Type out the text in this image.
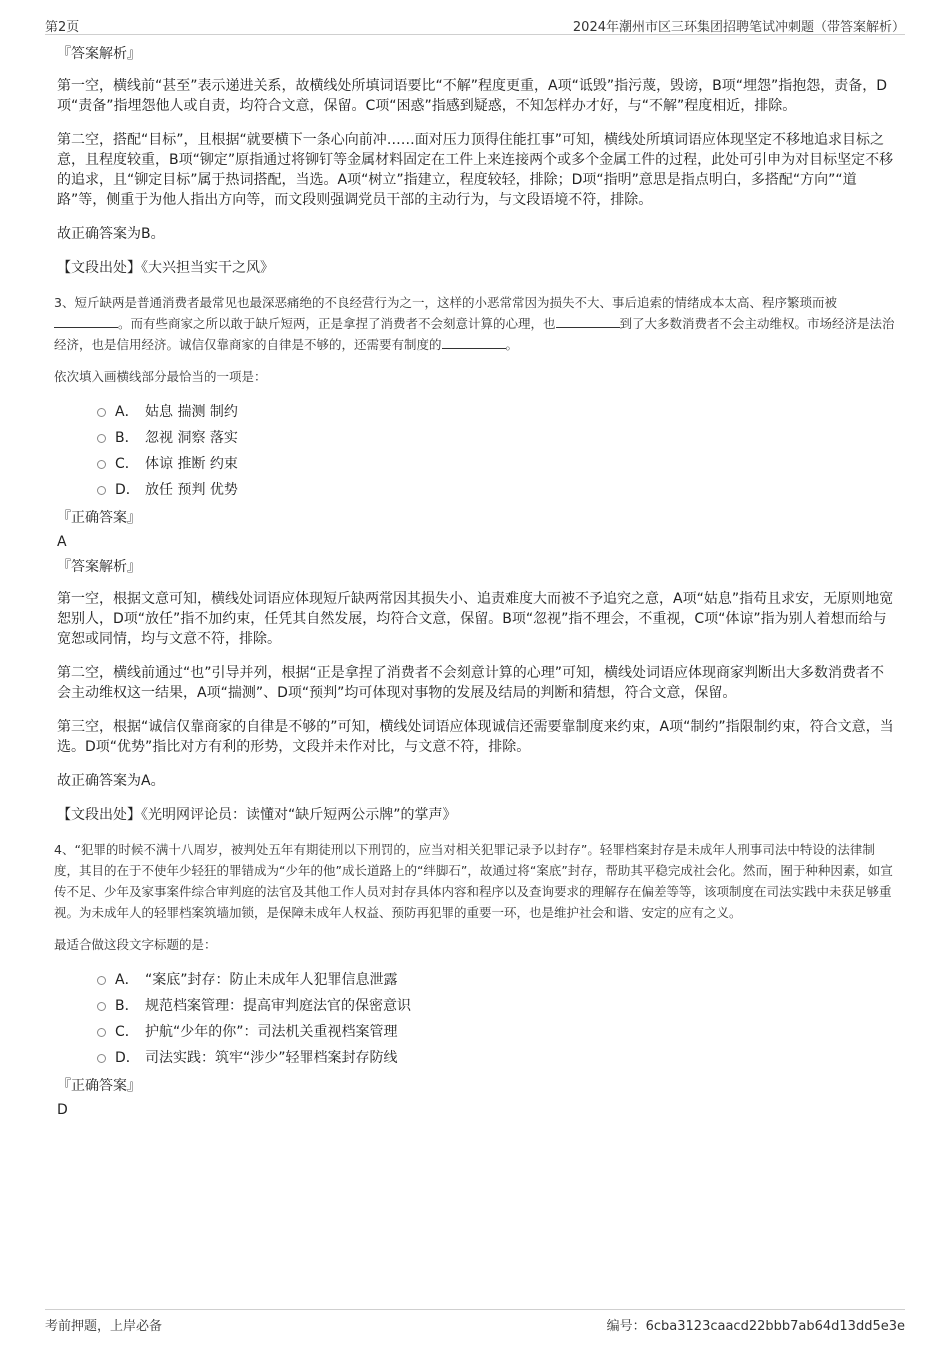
第2页	2024年潮州市区三环集团招聘笔试冲刺题（带答案解析）
『答案解析』

第一空，横线前“甚至”表示递进关系，故横线处所填词语要比“不解”程度更重，A项“诋毁”指污蔑，毁谤，B项“埋怨”指抱怨，责备，D项“责备”指埋怨他人或自责，均符合文意，保留。C项“困惑”指感到疑惑，不知怎样办才好，与“不解”程度相近，排除。

第二空，搭配“目标”，且根据“就要横下一条心向前冲……面对压力顶得住能扛事”可知，横线处所填词语应体现坚定不移地追求目标之意，且程度较重，B项“铆定”原指通过将铆钉等金属材料固定在工件上来连接两个或多个金属工件的过程，此处可引申为对目标坚定不移的追求，且“铆定目标”属于热词搭配，当选。A项“树立”指建立，程度较轻，排除；D项“指明”意思是指点明白，多搭配“方向”“道路”等，侧重于为他人指出方向等，而文段则强调党员干部的主动行为，与文段语境不符，排除。

故正确答案为B。

【文段出处】《大兴担当实干之风》

3、短斤缺两是普通消费者最常见也最深恶痛绝的不良经营行为之一，这样的小恶常常因为损失不大、事后追索的情绪成本太高、程序繁琐而被。而有些商家之所以敢于缺斤短两，正是拿捏了消费者不会刻意计算的心理，也	到了大多数消费者不会主动维权。市场经济是法治经济，也是信用经济。诚信仅靠商家的自律是不够的，还需要有制度的	。

依次填入画横线部分最恰当的一项是：

A． 姑息 揣测 制约
B． 忽视 洞察 落实
C． 体谅 推断 约束
D． 放任 预判 优势
『正确答案』
A
『答案解析』

第一空，根据文意可知，横线处词语应体现短斤缺两常因其损失小、追责难度大而被不予追究之意，A项“姑息”指苟且求安，无原则地宽恕别人，D项“放任”指不加约束，任凭其自然发展，均符合文意，保留。B项“忽视”指不理会，不重视，C项“体谅”指为别人着想而给与宽恕或同情，均与文意不符，排除。

第二空，横线前通过“也”引导并列，根据“正是拿捏了消费者不会刻意计算的心理”可知，横线处词语应体现商家判断出大多数消费者不会主动维权这一结果，A项“揣测”、D项“预判”均可体现对事物的发展及结局的判断和猜想，符合文意，保留。

第三空，根据“诚信仅靠商家的自律是不够的”可知，横线处词语应体现诚信还需要靠制度来约束，A项“制约”指限制约束，符合文意，当选。D项“优势”指比对方有利的形势，文段并未作对比，与文意不符，排除。

故正确答案为A。

【文段出处】《光明网评论员：读懂对“缺斤短两公示牌”的掌声》

4、“犯罪的时候不满十八周岁，被判处五年有期徒刑以下刑罚的，应当对相关犯罪记录予以封存”。轻罪档案封存是未成年人刑事司法中特设的法律制度，其目的在于不使年少轻狂的罪错成为“少年的他”成长道路上的“绊脚石”，故通过将“案底”封存，帮助其平稳完成社会化。然而，囿于种种因素，如宣传不足、少年及家事案件综合审判庭的法官及其他工作人员对封存具体内容和程序以及查询要求的理解存在偏差等等，该项制度在司法实践中未获足够重视。为未成年人的轻罪档案筑墙加锁，是保障未成年人权益、预防再犯罪的重要一环，也是维护社会和谐、安定的应有之义。

最适合做这段文字标题的是：

A． “案底”封存：防止未成年人犯罪信息泄露
B． 规范档案管理：提高审判庭法官的保密意识
C． 护航“少年的你”：司法机关重视档案管理
D． 司法实践：筑牢“涉少”轻罪档案封存防线
『正确答案』
D
考前押题，上岸必备	编号：6cba3123caacd22bbb7ab64d13dd5e3e
